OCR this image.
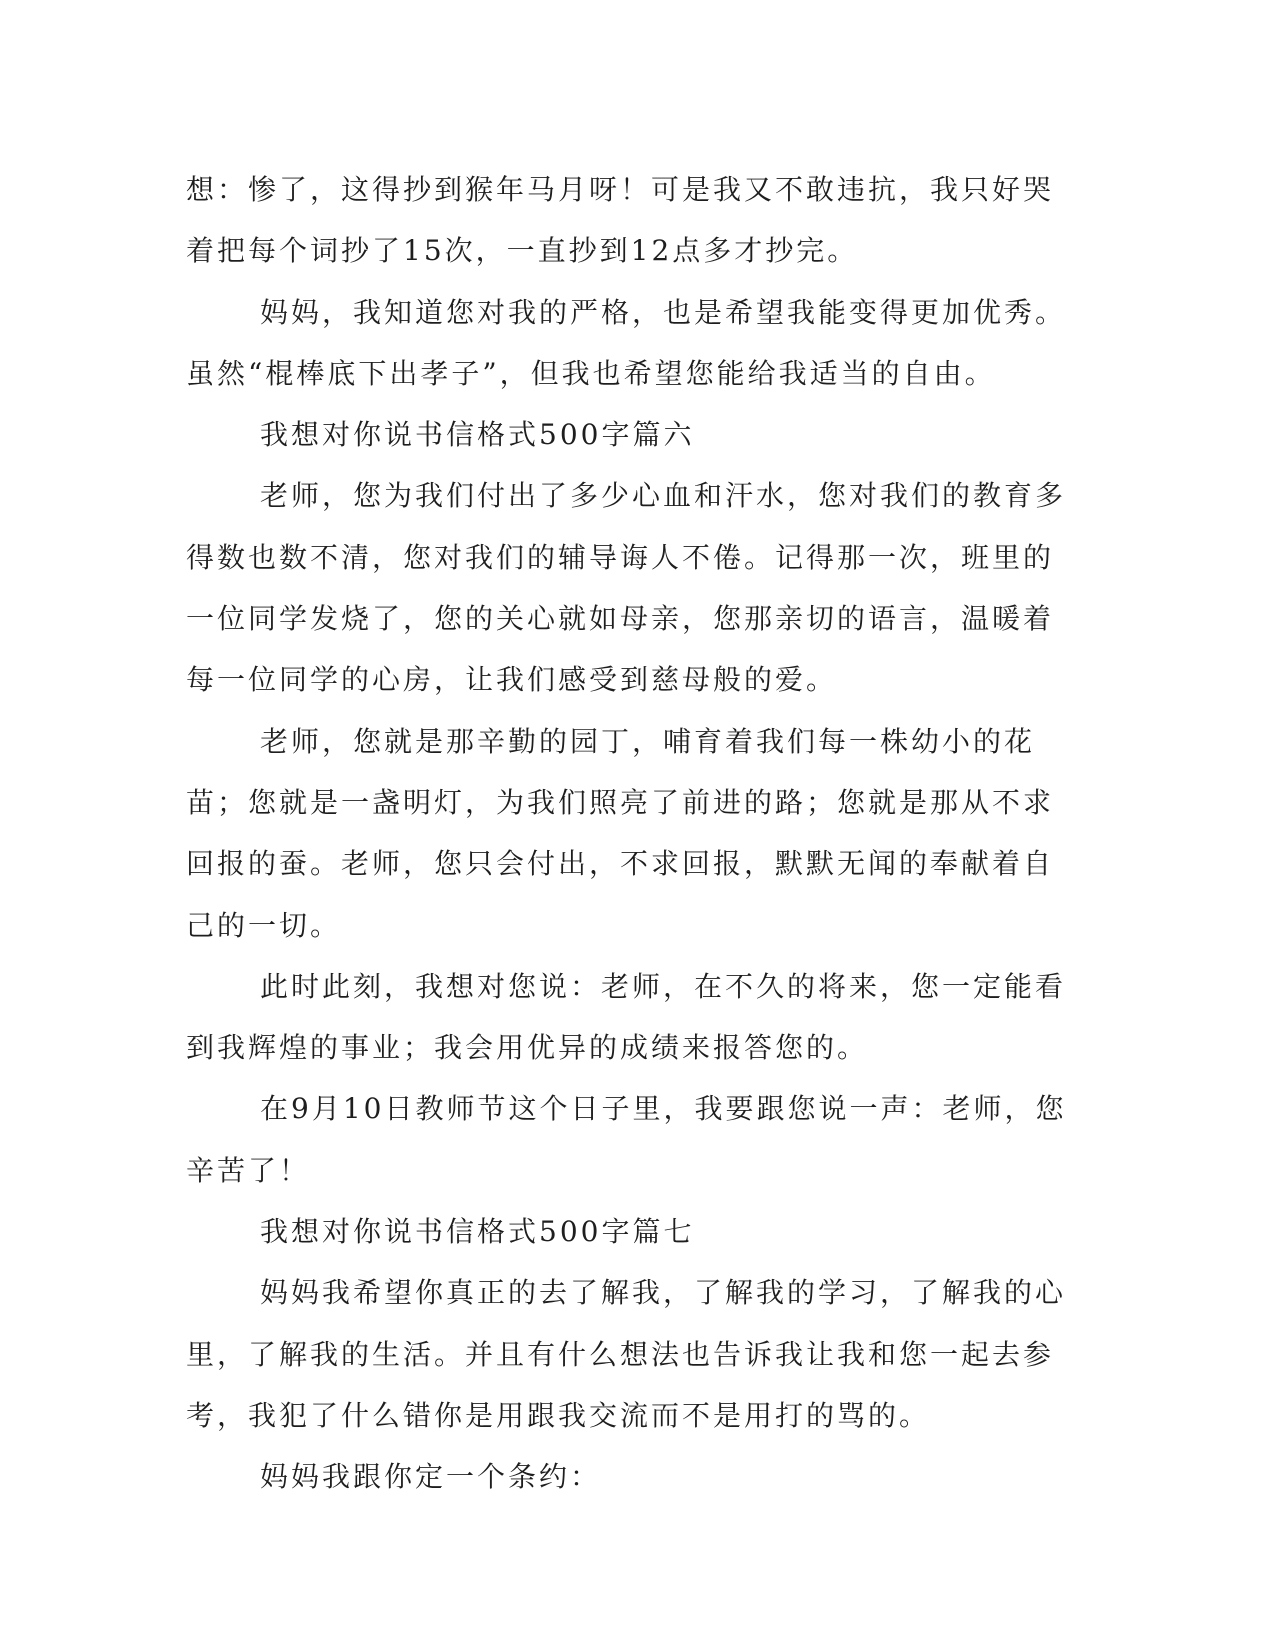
想：惨了，这得抄到猴年马月呀！可是我又不敢违抗，我只好哭着把每个词抄了15次，一直抄到12点多才抄完。

妈妈，我知道您对我的严格，也是希望我能变得更加优秀。虽然“棍棒底下出孝子”，但我也希望您能给我适当的自由。

我想对你说书信格式500字篇六

老师，您为我们付出了多少心血和汗水，您对我们的教育多得数也数不清，您对我们的辅导诲人不倦。记得那一次，班里的一位同学发烧了，您的关心就如母亲，您那亲切的语言，温暖着每一位同学的心房，让我们感受到慈母般的爱。

老师，您就是那辛勤的园丁，哺育着我们每一株幼小的花苗；您就是一盏明灯，为我们照亮了前进的路；您就是那从不求回报的蚕。老师，您只会付出，不求回报，默默无闻的奉献着自己的一切。

此时此刻，我想对您说：老师，在不久的将来，您一定能看到我辉煌的事业；我会用优异的成绩来报答您的。

在9月10日教师节这个日子里，我要跟您说一声：老师，您辛苦了！

我想对你说书信格式500字篇七

妈妈我希望你真正的去了解我，了解我的学习，了解我的心里，了解我的生活。并且有什么想法也告诉我让我和您一起去参考，我犯了什么错你是用跟我交流而不是用打的骂的。

妈妈我跟你定一个条约：
